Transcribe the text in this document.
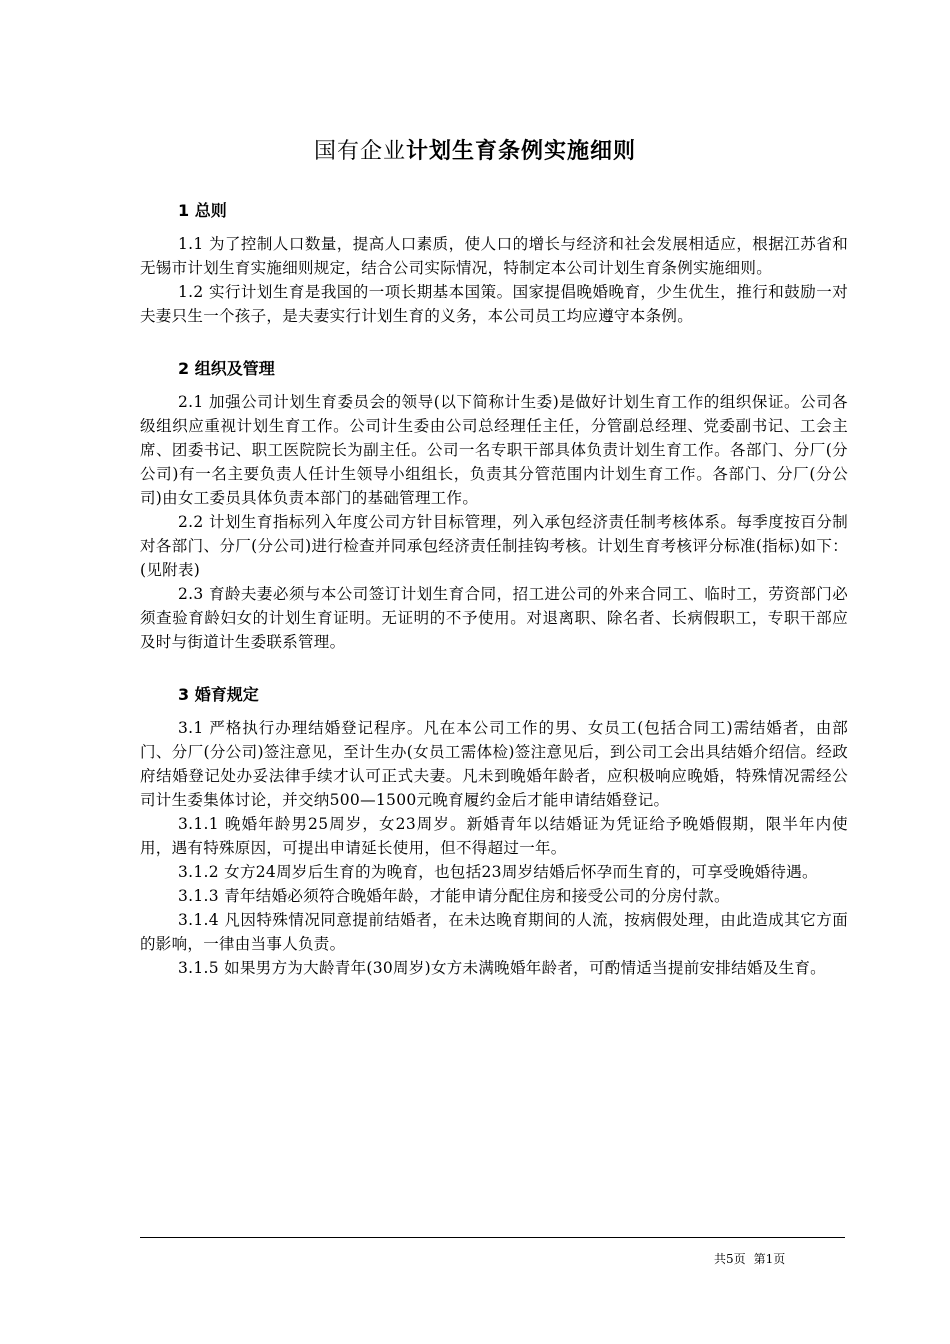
国有企业计划生育条例实施细则
1 总则

1.1 为了控制人口数量，提高人口素质，使人口的增长与经济和社会发展相适应，根据江苏省和无锡市计划生育实施细则规定，结合公司实际情况，特制定本公司计划生育条例实施细则。

1.2 实行计划生育是我国的一项长期基本国策。国家提倡晚婚晚育，少生优生，推行和鼓励一对夫妻只生一个孩子，是夫妻实行计划生育的义务，本公司员工均应遵守本条例。

2 组织及管理

2.1 加强公司计划生育委员会的领导(以下简称计生委)是做好计划生育工作的组织保证。公司各级组织应重视计划生育工作。公司计生委由公司总经理任主任，分管副总经理、党委副书记、工会主席、团委书记、职工医院院长为副主任。公司一名专职干部具体负责计划生育工作。各部门、分厂(分公司)有一名主要负责人任计生领导小组组长，负责其分管范围内计划生育工作。各部门、分厂(分公司)由女工委员具体负责本部门的基础管理工作。

2.2 计划生育指标列入年度公司方针目标管理，列入承包经济责任制考核体系。每季度按百分制对各部门、分厂(分公司)进行检查并同承包经济责任制挂钩考核。计划生育考核评分标准(指标)如下：(见附表)

2.3 育龄夫妻必须与本公司签订计划生育合同，招工进公司的外来合同工、临时工，劳资部门必须查验育龄妇女的计划生育证明。无证明的不予使用。对退离职、除名者、长病假职工，专职干部应及时与街道计生委联系管理。

3 婚育规定

3.1 严格执行办理结婚登记程序。凡在本公司工作的男、女员工(包括合同工)需结婚者，由部门、分厂(分公司)签注意见，至计生办(女员工需体检)签注意见后，到公司工会出具结婚介绍信。经政府结婚登记处办妥法律手续才认可正式夫妻。凡未到晚婚年龄者，应积极响应晚婚，特殊情况需经公司计生委集体讨论，并交纳500—1500元晚育履约金后才能申请结婚登记。

3.1.1 晚婚年龄男25周岁，女23周岁。新婚青年以结婚证为凭证给予晚婚假期，限半年内使用，遇有特殊原因，可提出申请延长使用，但不得超过一年。

3.1.2 女方24周岁后生育的为晚育，也包括23周岁结婚后怀孕而生育的，可享受晚婚待遇。

3.1.3 青年结婚必须符合晚婚年龄，才能申请分配住房和接受公司的分房付款。

3.1.4 凡因特殊情况同意提前结婚者，在未达晚育期间的人流，按病假处理，由此造成其它方面的影响，一律由当事人负责。

3.1.5 如果男方为大龄青年(30周岁)女方未满晚婚年龄者，可酌情适当提前安排结婚及生育。

共5页 第1页
